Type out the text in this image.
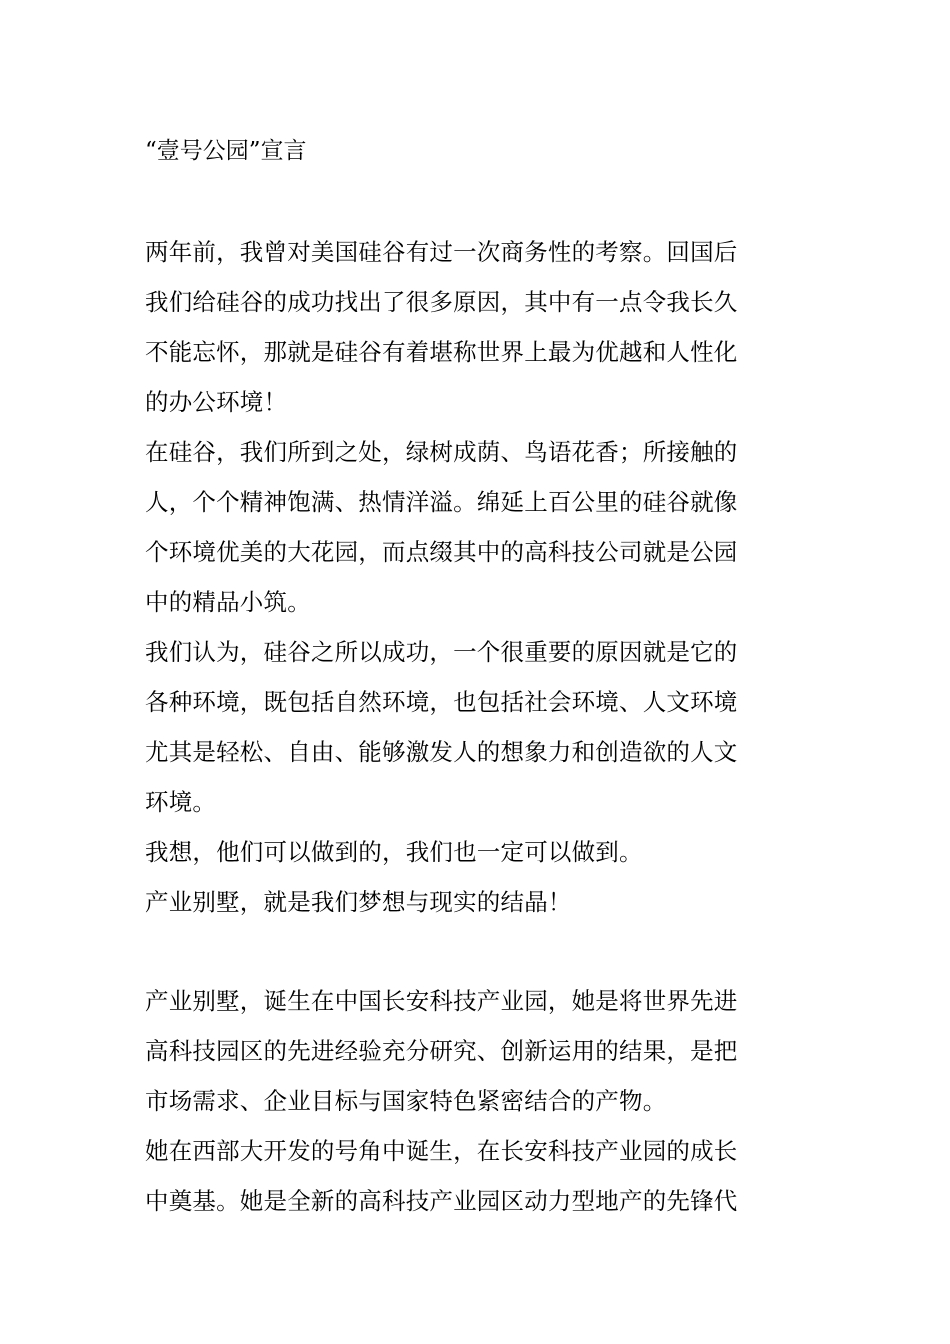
“壹号公园”宣言

两年前，我曾对美国硅谷有过一次商务性的考察。回国后

我们给硅谷的成功找出了很多原因，其中有一点令我长久

不能忘怀，那就是硅谷有着堪称世界上最为优越和人性化

的办公环境！

在硅谷，我们所到之处，绿树成荫、鸟语花香；所接触的

人，个个精神饱满、热情洋溢。绵延上百公里的硅谷就像

个环境优美的大花园，而点缀其中的高科技公司就是公园

中的精品小筑。

我们认为，硅谷之所以成功，一个很重要的原因就是它的

各种环境，既包括自然环境，也包括社会环境、人文环境

尤其是轻松、自由、能够激发人的想象力和创造欲的人文

环境。

我想，他们可以做到的，我们也一定可以做到。

产业别墅，就是我们梦想与现实的结晶！

产业别墅，诞生在中国长安科技产业园，她是将世界先进

高科技园区的先进经验充分研究、创新运用的结果，是把

市场需求、企业目标与国家特色紧密结合的产物。

她在西部大开发的号角中诞生，在长安科技产业园的成长

中奠基。她是全新的高科技产业园区动力型地产的先锋代
